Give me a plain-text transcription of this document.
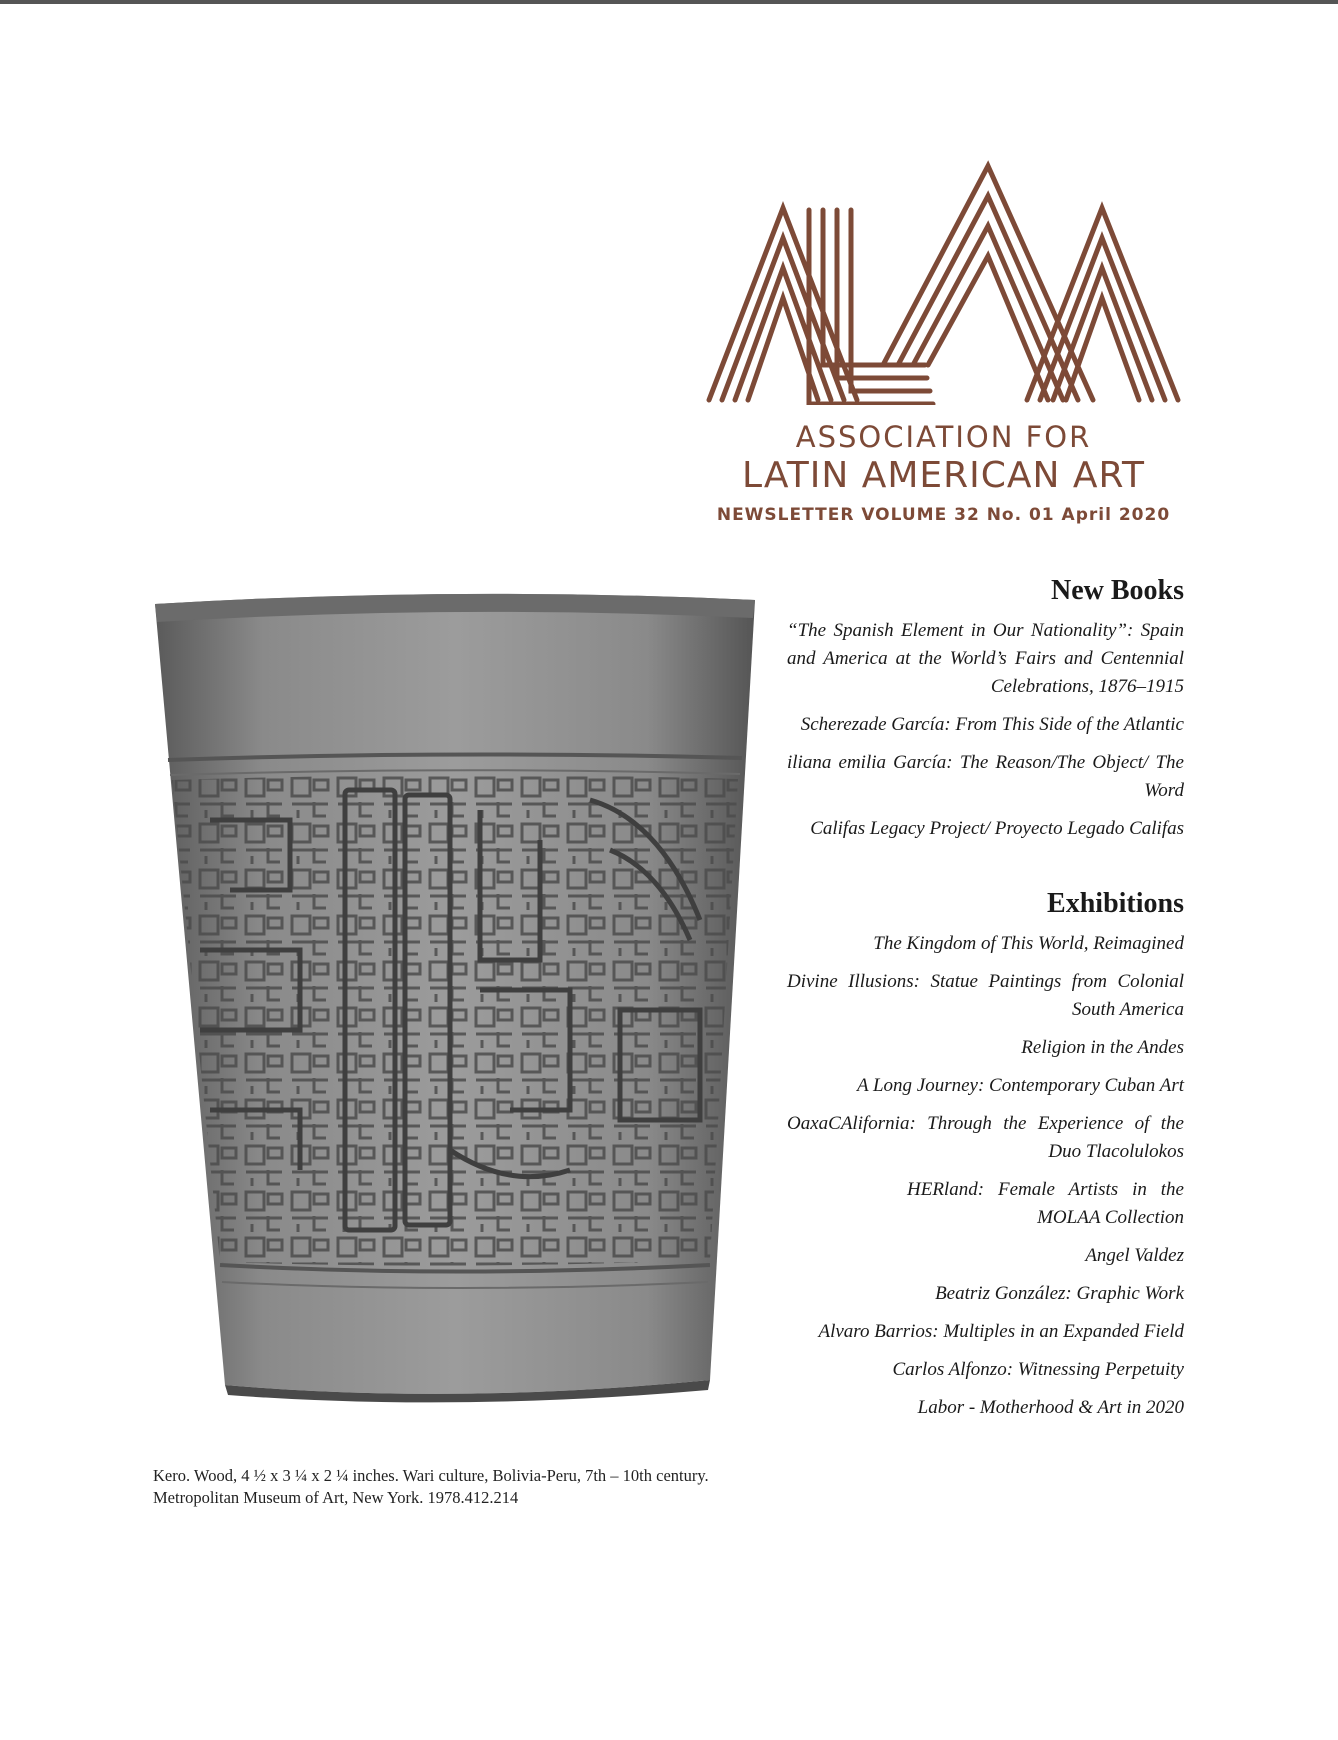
ASSOCIATION FOR
LATIN AMERICAN ART
NEWSLETTER VOLUME 32 No. 01 April 2020
Kero. Wood, 4 ½ x 3 ¼ x 2 ¼ inches. Wari culture, Bolivia-Peru, 7th – 10th century. Metropolitan Museum of Art, New York. 1978.412.214
New Books
“The Spanish Element in Our Nationality”: Spain and America at the World’s Fairs and Centennial Celebrations, 1876–1915
Scherezade García: From This Side of the Atlantic
iliana emilia García: The Reason/The Object/ The Word
Califas Legacy Project/ Proyecto Legado Califas
Exhibitions
The Kingdom of This World, Reimagined
Divine Illusions: Statue Paintings from Colonial South America
Religion in the Andes
A Long Journey: Contemporary Cuban Art
OaxaCAlifornia: Through the Experience of the Duo Tlacolulokos
HERland: Female Artists in the MOLAA Collection
Angel Valdez
Beatriz González: Graphic Work
Alvaro Barrios: Multiples in an Expanded Field
Carlos Alfonzo: Witnessing Perpetuity
Labor - Motherhood & Art in 2020
